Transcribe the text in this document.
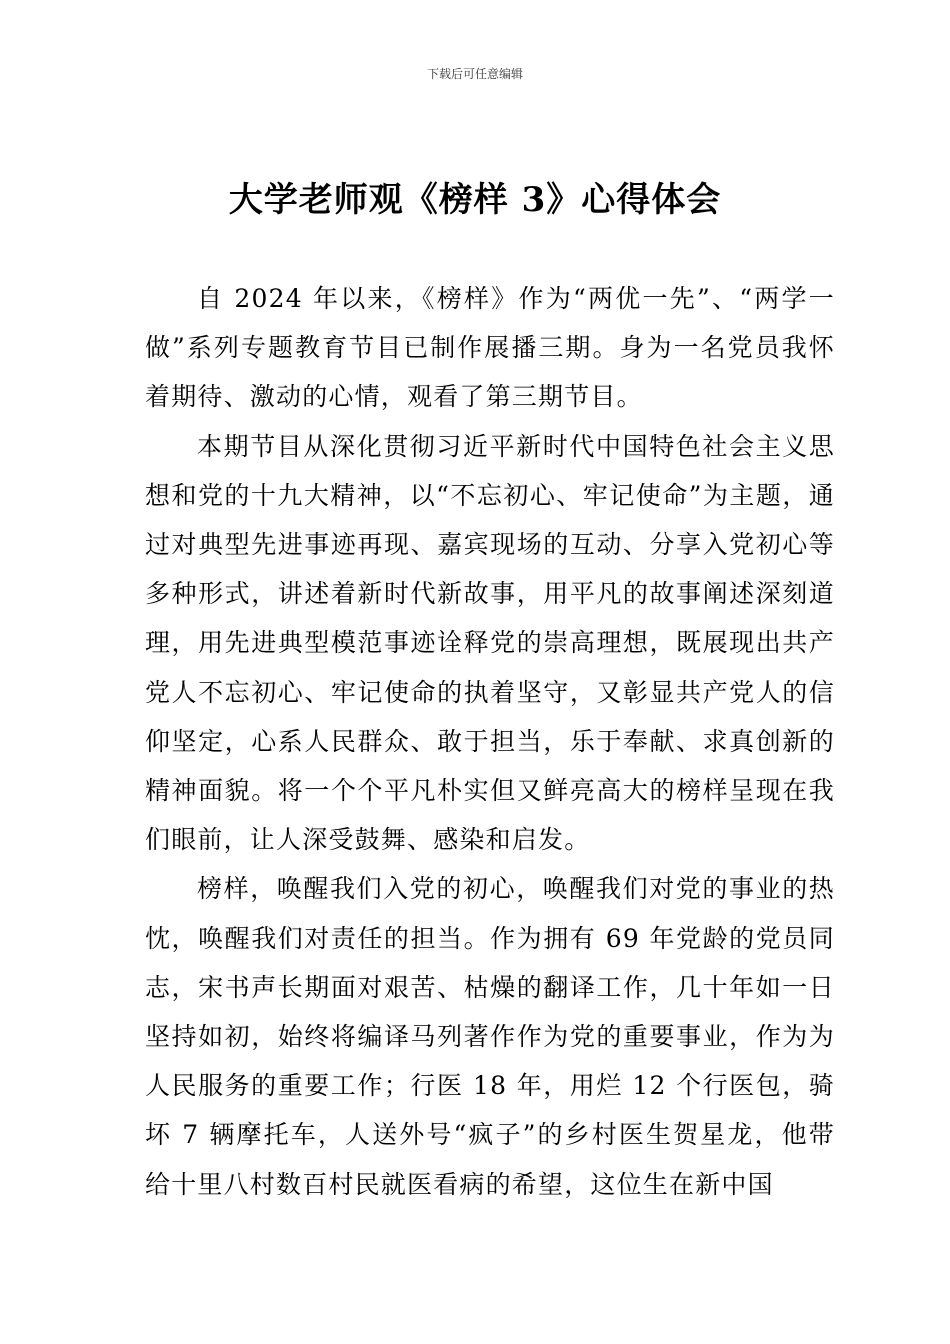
下载后可任意编辑
大学老师观《榜样 3》心得体会

自 2024 年以来，《榜样》作为“两优一先”、“两学一做”系列专题教育节目已制作展播三期。身为一名党员我怀着期待、激动的心情，观看了第三期节目。

本期节目从深化贯彻习近平新时代中国特色社会主义思想和党的十九大精神，以“不忘初心、牢记使命”为主题，通过对典型先进事迹再现、嘉宾现场的互动、分享入党初心等多种形式，讲述着新时代新故事，用平凡的故事阐述深刻道理，用先进典型模范事迹诠释党的崇高理想，既展现出共产党人不忘初心、牢记使命的执着坚守，又彰显共产党人的信仰坚定，心系人民群众、敢于担当，乐于奉献、求真创新的精神面貌。将一个个平凡朴实但又鲜亮高大的榜样呈现在我们眼前，让人深受鼓舞、感染和启发。

榜样，唤醒我们入党的初心，唤醒我们对党的事业的热忱，唤醒我们对责任的担当。作为拥有 69 年党龄的党员同志，宋书声长期面对艰苦、枯燥的翻译工作，几十年如一日坚持如初，始终将编译马列著作作为党的重要事业，作为为人民服务的重要工作；行医 18 年，用烂 12 个行医包，骑坏 7 辆摩托车，人送外号“疯子”的乡村医生贺星龙，他带给十里八村数百村民就医看病的希望，这位生在新中国
